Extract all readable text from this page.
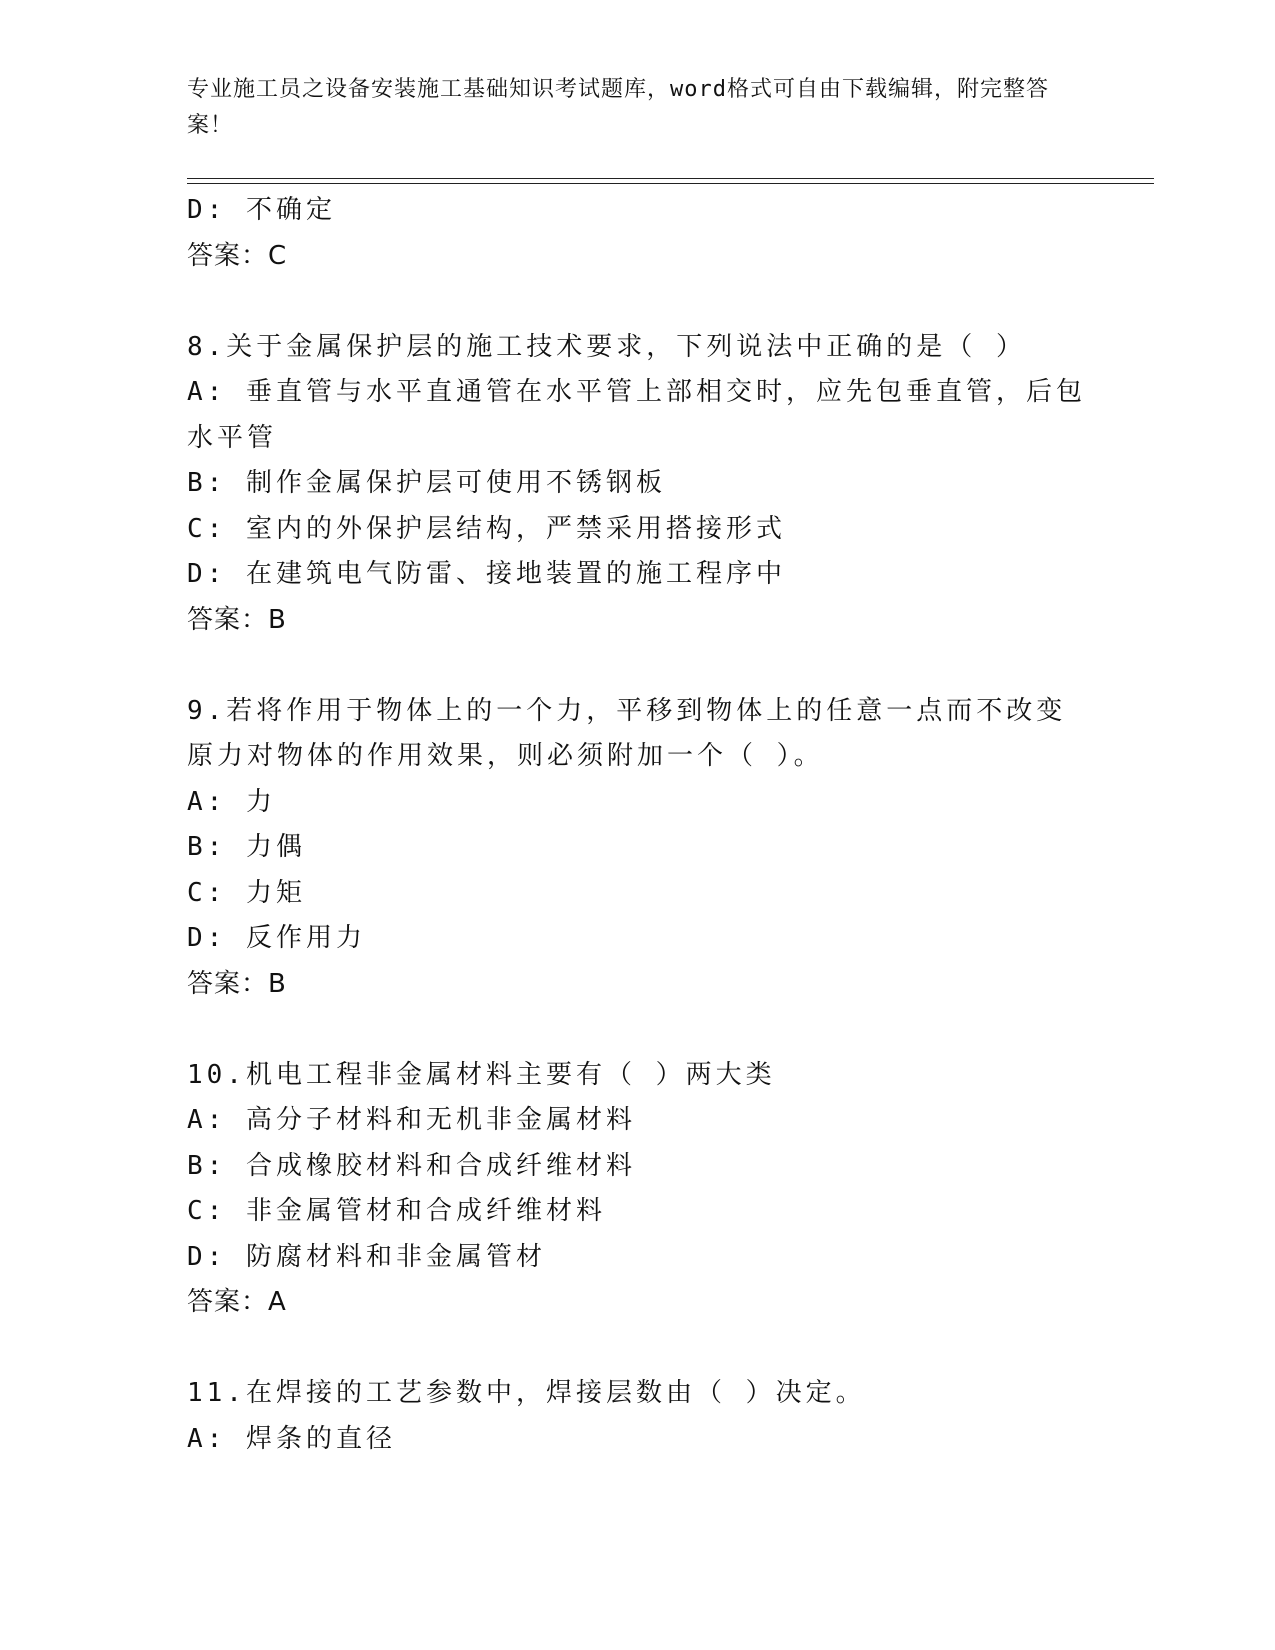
专业施工员之设备安装施工基础知识考试题库，word格式可自由下载编辑，附完整答案！
D: 不确定
答案：C
8.关于金属保护层的施工技术要求，下列说法中正确的是（ ）
A: 垂直管与水平直通管在水平管上部相交时，应先包垂直管，后包水平管
B: 制作金属保护层可使用不锈钢板
C: 室内的外保护层结构，严禁采用搭接形式
D: 在建筑电气防雷、接地装置的施工程序中
答案：B
9.若将作用于物体上的一个力，平移到物体上的任意一点而不改变原力对物体的作用效果，则必须附加一个（ ）。
A: 力
B: 力偶
C: 力矩
D: 反作用力
答案：B
10.机电工程非金属材料主要有（ ）两大类
A: 高分子材料和无机非金属材料
B: 合成橡胶材料和合成纤维材料
C: 非金属管材和合成纤维材料
D: 防腐材料和非金属管材
答案：A
11.在焊接的工艺参数中，焊接层数由（ ）决定。
A: 焊条的直径
